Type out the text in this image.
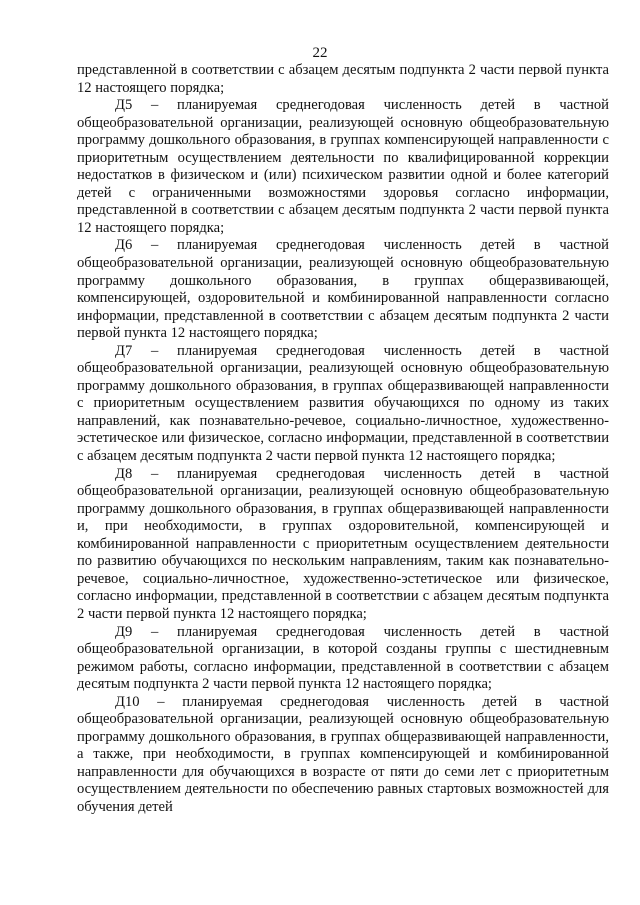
22

представленной в соответствии с абзацем десятым подпункта 2 части первой пункта 12 настоящего порядка;

Д5 – планируемая среднегодовая численность детей в частной общеобразовательной организации, реализующей основную общеобразовательную программу дошкольного образования, в группах компенсирующей направленности с приоритетным осуществлением деятельности по квалифицированной коррекции недостатков в физическом и (или) психическом развитии одной и более категорий детей с ограниченными возможностями здоровья согласно информации, представленной в соответствии с абзацем десятым подпункта 2 части первой пункта 12 настоящего порядка;

Д6 – планируемая среднегодовая численность детей в частной общеобразовательной организации, реализующей основную общеобразовательную программу дошкольного образования, в группах общеразвивающей, компенсирующей, оздоровительной и комбинированной направленности согласно информации, представленной в соответствии с абзацем десятым подпункта 2 части первой пункта 12 настоящего порядка;

Д7 – планируемая среднегодовая численность детей в частной общеобразовательной организации, реализующей основную общеобразовательную программу дошкольного образования, в группах общеразвивающей направленности с приоритетным осуществлением развития обучающихся по одному из таких направлений, как познавательно-речевое, социально-личностное, художественно-эстетическое или физическое, согласно информации, представленной в соответствии с абзацем десятым подпункта 2 части первой пункта 12 настоящего порядка;

Д8 – планируемая среднегодовая численность детей в частной общеобразовательной организации, реализующей основную общеобразовательную программу дошкольного образования, в группах общеразвивающей направленности и, при необходимости, в группах оздоровительной, компенсирующей и комбинированной направленности с приоритетным осуществлением деятельности по развитию обучающихся по нескольким направлениям, таким как познавательно-речевое, социально-личностное, художественно-эстетическое или физическое, согласно информации, представленной в соответствии с абзацем десятым подпункта 2 части первой пункта 12 настоящего порядка;

Д9 – планируемая среднегодовая численность детей в частной общеобразовательной организации, в которой созданы группы с шестидневным режимом работы, согласно информации, представленной в соответствии с абзацем десятым подпункта 2 части первой пункта 12 настоящего порядка;

Д10 – планируемая среднегодовая численность детей в частной общеобразовательной организации, реализующей основную общеобразовательную программу дошкольного образования, в группах общеразвивающей направленности, а также, при необходимости, в группах компенсирующей и комбинированной направленности для обучающихся в возрасте от пяти до семи лет с приоритетным осуществлением деятельности по обеспечению равных стартовых возможностей для обучения детей
